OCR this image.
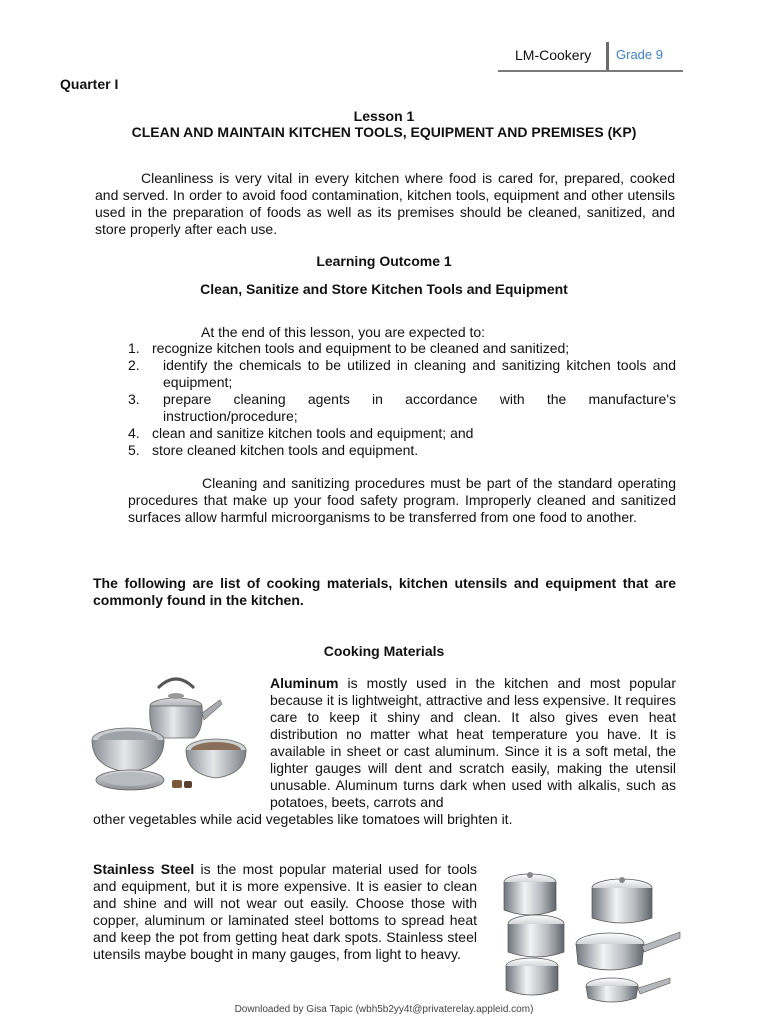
LM-Cookery Grade 9
Quarter I
Lesson 1
CLEAN AND MAINTAIN KITCHEN TOOLS, EQUIPMENT AND PREMISES (KP)
Cleanliness is very vital in every kitchen where food is cared for, prepared, cooked and served. In order to avoid food contamination, kitchen tools, equipment and other utensils used in the preparation of foods as well as its premises should be cleaned, sanitized, and store properly after each use.
Learning Outcome 1
Clean, Sanitize and Store Kitchen Tools and Equipment
At the end of this lesson, you are expected to:
1. recognize kitchen tools and equipment to be cleaned and sanitized;
2.	identify the chemicals to be utilized in cleaning and sanitizing kitchen tools and equipment;
3.	prepare cleaning agents in accordance with the manufacture's instruction/procedure;
4. clean and sanitize kitchen tools and equipment; and
5. store cleaned kitchen tools and equipment.
Cleaning and sanitizing procedures must be part of the standard operating procedures that make up your food safety program. Improperly cleaned and sanitized surfaces allow harmful microorganisms to be transferred from one food to another.
The following are list of cooking materials, kitchen utensils and equipment that are commonly found in the kitchen.
Cooking Materials
Aluminum is mostly used in the kitchen and most popular because it is lightweight, attractive and less expensive. It requires care to keep it shiny and clean. It also gives even heat distribution no matter what heat temperature you have. It is available in sheet or cast aluminum. Since it is a soft metal, the lighter gauges will dent and scratch easily, making the utensil unusable. Aluminum turns dark when used with alkalis, such as potatoes, beets, carrots and
other vegetables while acid vegetables like tomatoes will brighten it.
Stainless Steel is the most popular material used for tools and equipment, but it is more expensive. It is easier to clean and shine and will not wear out easily. Choose those with copper, aluminum or laminated steel bottoms to spread heat and keep the pot from getting heat dark spots. Stainless steel utensils maybe bought in many gauges, from light to heavy.
Downloaded by Gisa Tapic (wbh5b2yy4t@privaterelay.appleid.com)
